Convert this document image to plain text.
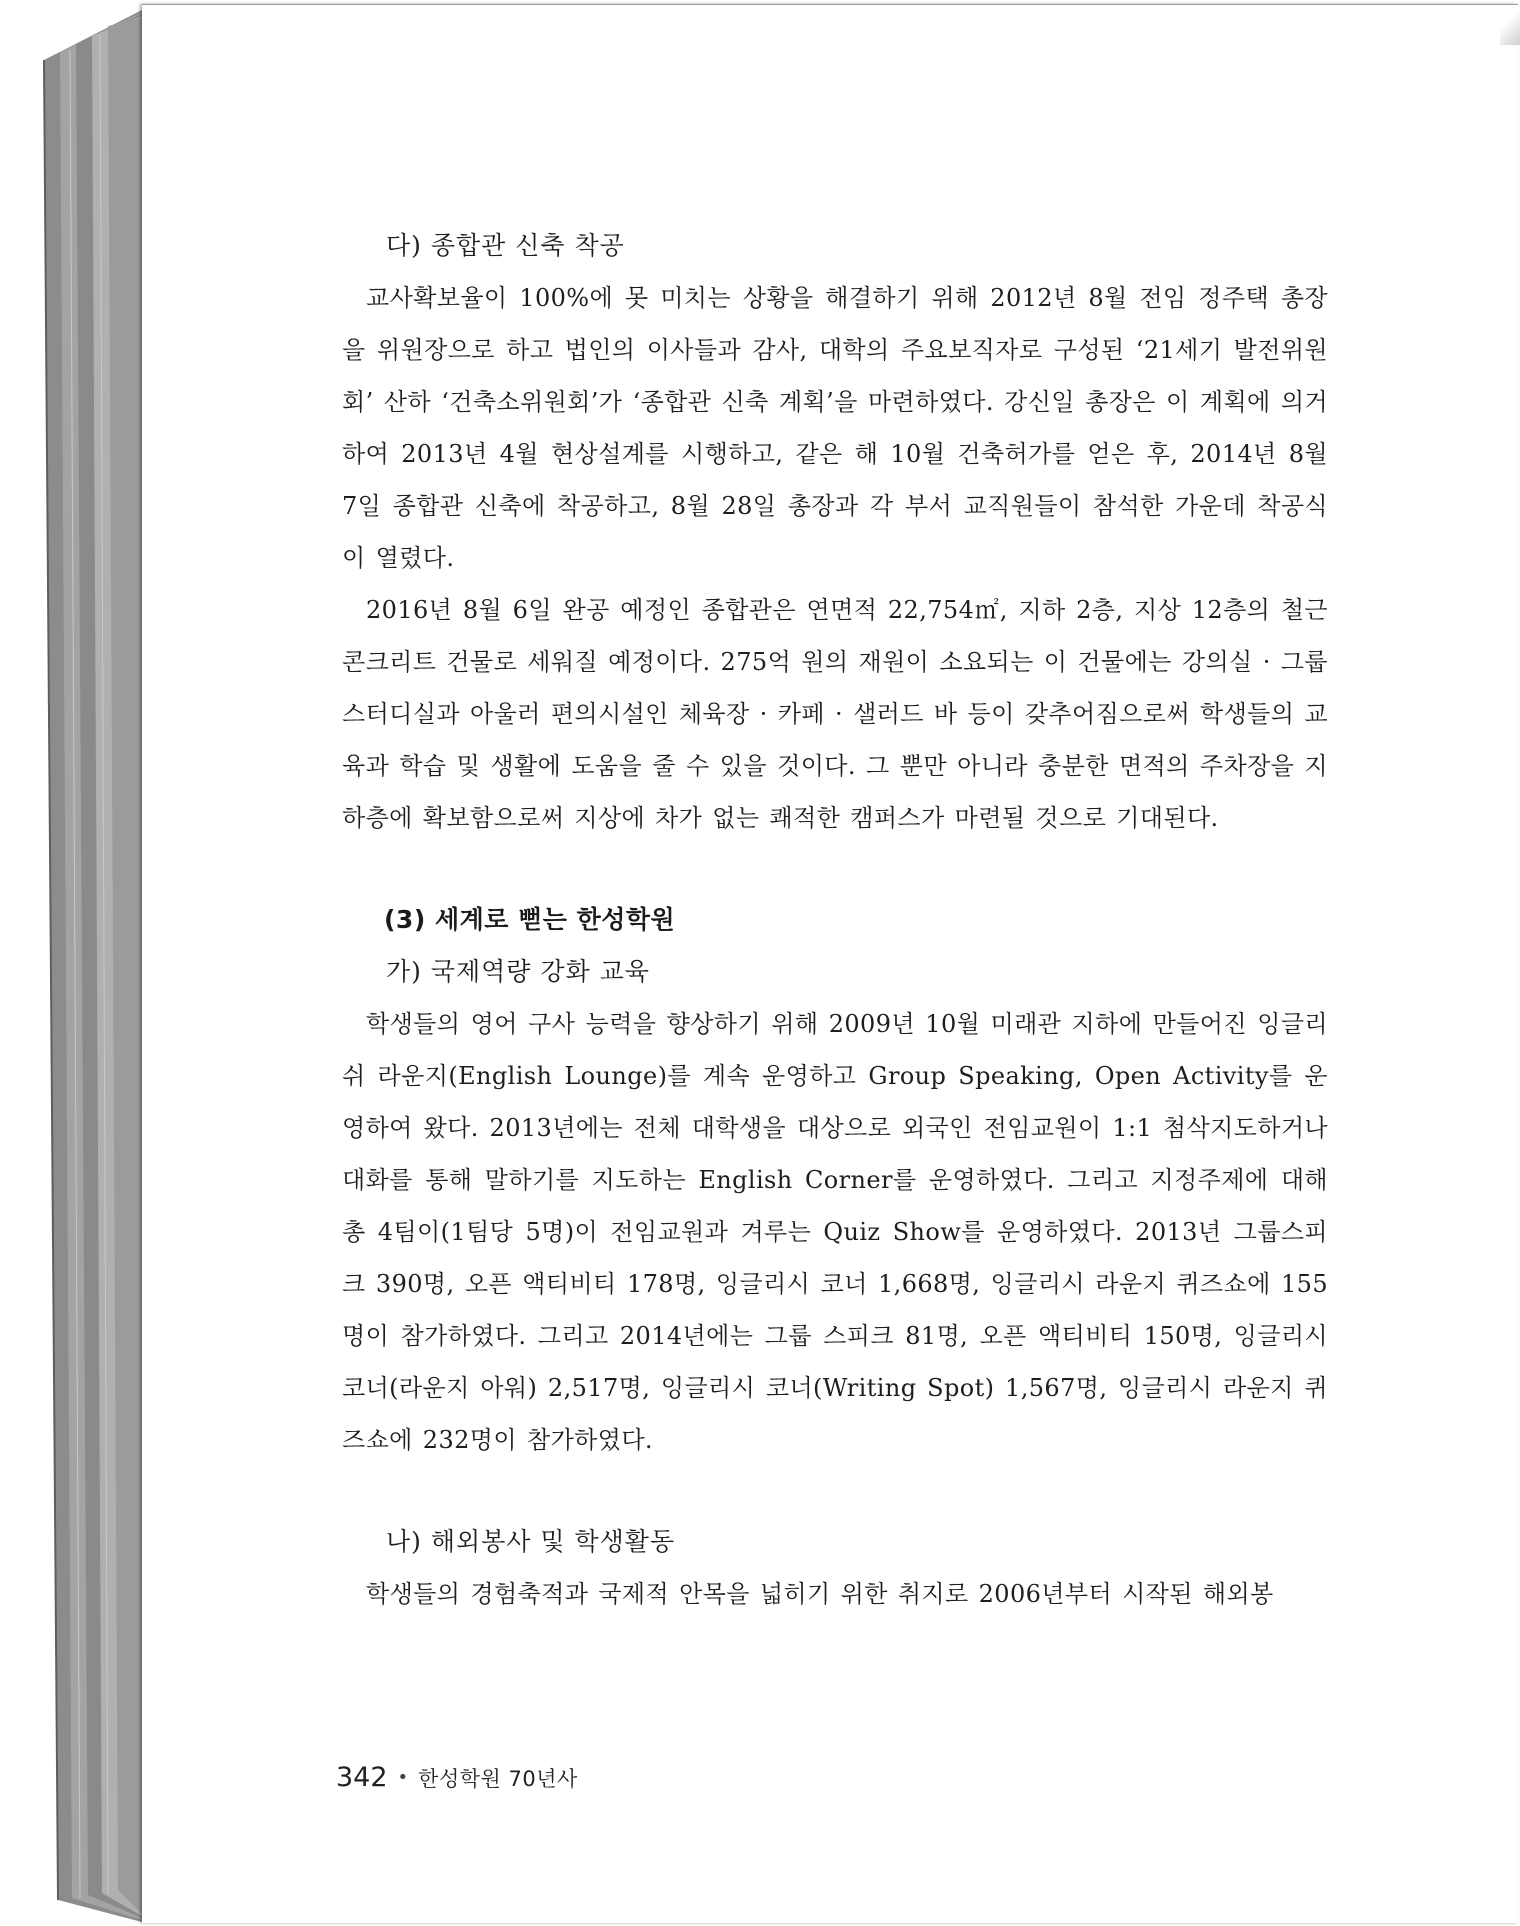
다) 종합관 신축 착공

교사확보율이 100%에 못 미치는 상황을 해결하기 위해 2012년 8월 전임 정주택 총장을 위원장으로 하고 법인의 이사들과 감사, 대학의 주요보직자로 구성된 ‘21세기 발전위원회’ 산하 ‘건축소위원회’가 ‘종합관 신축 계획’을 마련하였다. 강신일 총장은 이 계획에 의거하여 2013년 4월 현상설계를 시행하고, 같은 해 10월 건축허가를 얻은 후, 2014년 8월 7일 종합관 신축에 착공하고, 8월 28일 총장과 각 부서 교직원들이 참석한 가운데 착공식이 열렸다.

2016년 8월 6일 완공 예정인 종합관은 연면적 22,754㎡, 지하 2층, 지상 12층의 철근콘크리트 건물로 세워질 예정이다. 275억 원의 재원이 소요되는 이 건물에는 강의실 · 그룹스터디실과 아울러 편의시설인 체육장 · 카페 · 샐러드 바 등이 갖추어짐으로써 학생들의 교육과 학습 및 생활에 도움을 줄 수 있을 것이다. 그 뿐만 아니라 충분한 면적의 주차장을 지하층에 확보함으로써 지상에 차가 없는 쾌적한 캠퍼스가 마련될 것으로 기대된다.

(3) 세계로 뻗는 한성학원

가) 국제역량 강화 교육

학생들의 영어 구사 능력을 향상하기 위해 2009년 10월 미래관 지하에 만들어진 잉글리쉬 라운지(English Lounge)를 계속 운영하고 Group Speaking, Open Activity를 운영하여 왔다. 2013년에는 전체 대학생을 대상으로 외국인 전임교원이 1:1 첨삭지도하거나 대화를 통해 말하기를 지도하는 English Corner를 운영하였다. 그리고 지정주제에 대해 총 4팀이(1팀당 5명)이 전임교원과 겨루는 Quiz Show를 운영하였다. 2013년 그룹스피크 390명, 오픈 액티비티 178명, 잉글리시 코너 1,668명, 잉글리시 라운지 퀴즈쇼에 155명이 참가하였다. 그리고 2014년에는 그룹 스피크 81명, 오픈 액티비티 150명, 잉글리시 코너(라운지 아워) 2,517명, 잉글리시 코너(Writing Spot) 1,567명, 잉글리시 라운지 퀴즈쇼에 232명이 참가하였다.

나) 해외봉사 및 학생활동

학생들의 경험축적과 국제적 안목을 넓히기 위한 취지로 2006년부터 시작된 해외봉

342 • 한성학원 70년사
